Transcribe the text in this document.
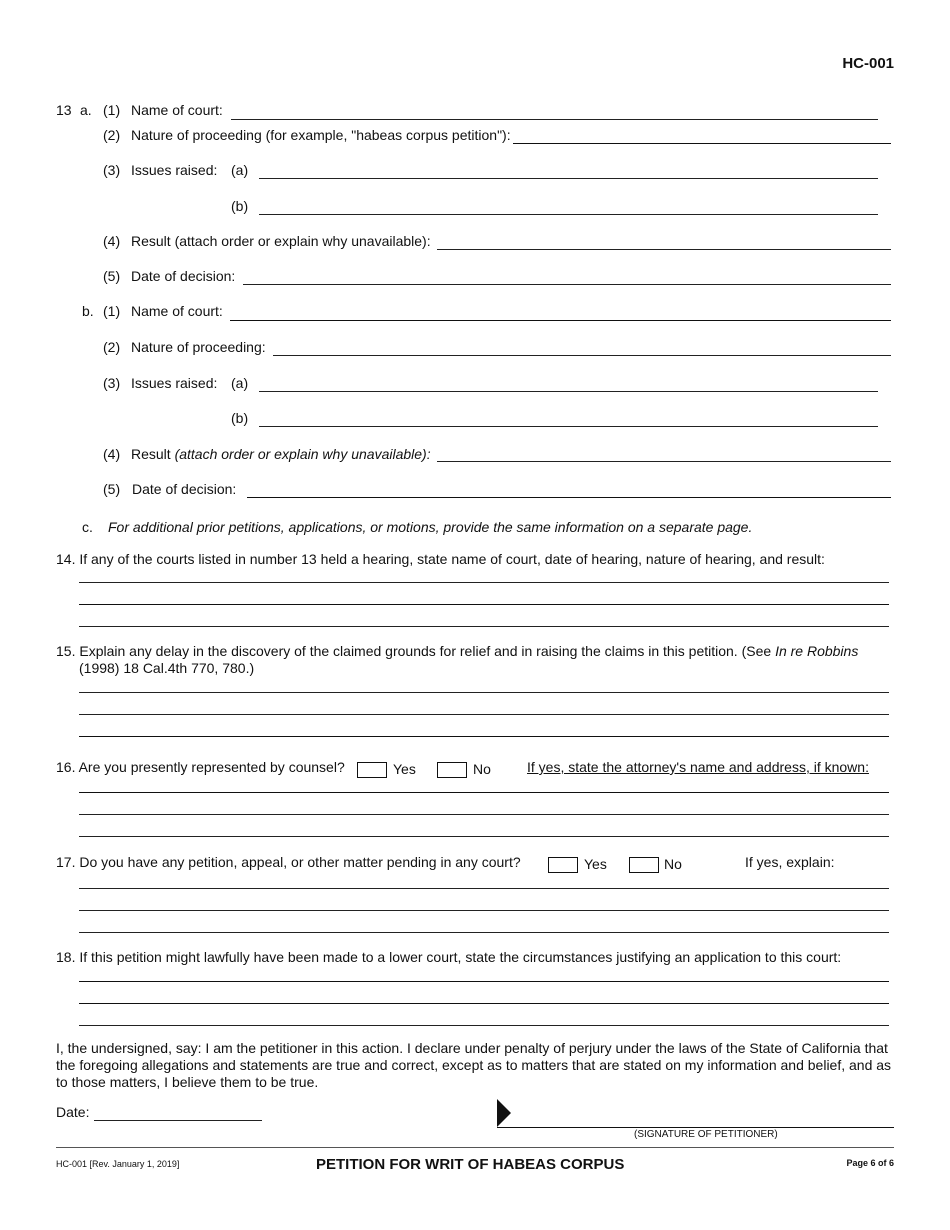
HC-001
13 a. (1) Name of court:
(2) Nature of proceeding (for example, "habeas corpus petition"):
(3) Issues raised: (a)
(b)
(4) Result (attach order or explain why unavailable):
(5) Date of decision:
b. (1) Name of court:
(2) Nature of proceeding:
(3) Issues raised: (a)
(b)
(4) Result (attach order or explain why unavailable):
(5) Date of decision:
c. For additional prior petitions, applications, or motions, provide the same information on a separate page.
14. If any of the courts listed in number 13 held a hearing, state name of court, date of hearing, nature of hearing, and result:
15. Explain any delay in the discovery of the claimed grounds for relief and in raising the claims in this petition. (See In re Robbins
(1998) 18 Cal.4th 770, 780.)
16. Are you presently represented by counsel?	Yes	No	If yes, state the attorney's name and address, if known:
17. Do you have any petition, appeal, or other matter pending in any court?	Yes	No	If yes, explain:
18. If this petition might lawfully have been made to a lower court, state the circumstances justifying an application to this court:
I, the undersigned, say: I am the petitioner in this action. I declare under penalty of perjury under the laws of the State of California that the foregoing allegations and statements are true and correct, except as to matters that are stated on my information and belief, and as to those matters, I believe them to be true.
Date:
(SIGNATURE OF PETITIONER)
HC-001 [Rev. January 1, 2019]	PETITION FOR WRIT OF HABEAS CORPUS	Page 6 of 6
